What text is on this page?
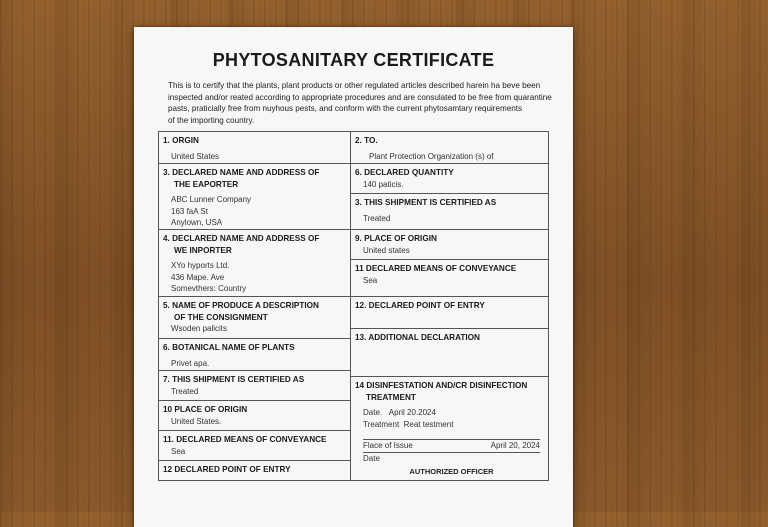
PHYTOSANITARY CERTIFICATE
This is to certify that the plants, plant products or other regulated articles described harein ha beve been
inspected and/or reated according to appropriate procedures and are consulated to be free from quarantine
pasts, praticially free from nuyhous pests, and conform with the current phytosamtary requirements
of the importing country.
1. ORGIN
United States
3. DECLARED NAME AND ADDRESS OF
THE EAPORTER
ABC Lunner Company
163 faA St
Anylown, USA
4. DECLARED NAME AND ADDRESS OF
WE INPORTER
XYo hyports Ltd.
436 Mape. Ave
Somevthers: Country
5. NAME OF PRODUCE A DESCRIPTION
OF THE CONSIGNMENT
Wsoden palicits
6. BOTANICAL NAME OF PLANTS
Privet apa.
7. THIS SHIPMENT IS CERTIFIED AS
Treated
10 PLACE OF ORIGIN
United States.
11. DECLARED MEANS OF CONVEYANCE
Sea
12 DECLARED POINT OF ENTRY
2. TO.
Plant Protection Organization (s) of
6. DECLARED QUANTITY
140 paticis.
3. THIS SHIPMENT IS CERTIFIED AS
Treated
9. PLACE OF ORIGIN
United states
11 DECLARED MEANS OF CONVEYANCE
Sea
12. DECLARED POINT OF ENTRY
13. ADDITIONAL DECLARATION
14 DISINFESTATION AND/CR DISINFECTION
TREATMENT
Date. April 20.2024
Treatment Reat testment
Flace of Issue	April 20, 2024
Date
AUTHORIZED OFFICER
